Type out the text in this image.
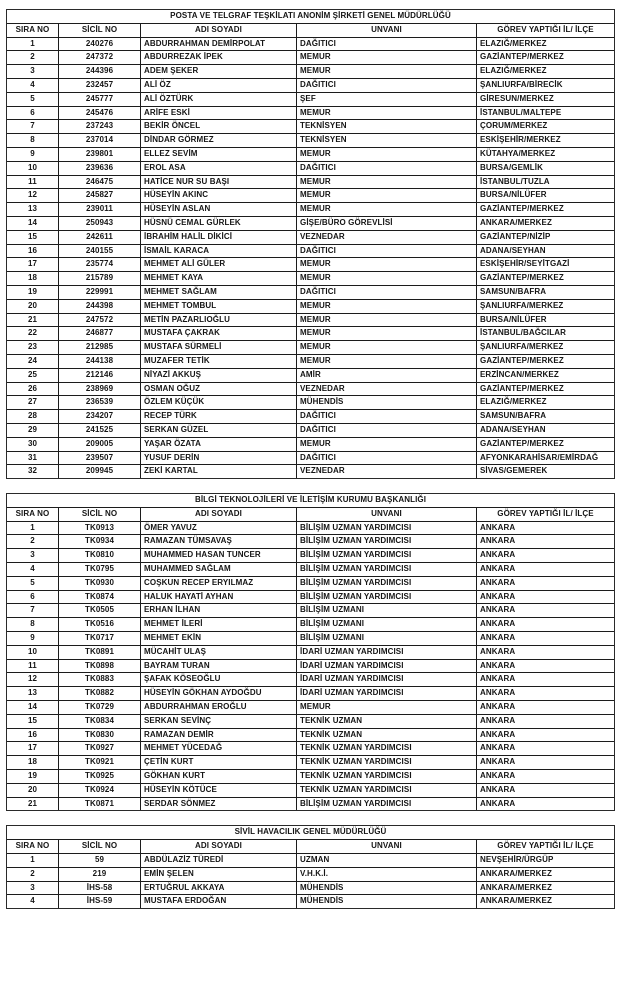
POSTA VE TELGRAF TEŞKİLATI ANONİM ŞİRKETİ GENEL MÜDÜRLÜĞÜ				
SIRA NO	SİCİL NO	ADI SOYADI	UNVANI	GÖREV YAPTIĞI İL/ İLÇE
1	240276	ABDURRAHMAN DEMİRPOLAT	DAĞITICI	ELAZIĞ/MERKEZ
2	247372	ABDURREZAK İPEK	MEMUR	GAZİANTEP/MERKEZ
3	244396	ADEM ŞEKER	MEMUR	ELAZIĞ/MERKEZ
4	232457	ALİ ÖZ	DAĞITICI	ŞANLIURFA/BİRECİK
5	245777	ALİ ÖZTÜRK	ŞEF	GİRESUN/MERKEZ
6	245476	ARİFE ESKİ	MEMUR	İSTANBUL/MALTEPE
7	237243	BEKİR ÖNCEL	TEKNİSYEN	ÇORUM/MERKEZ
8	237014	DİNDAR GÖRMEZ	TEKNİSYEN	ESKİŞEHİR/MERKEZ
9	239801	ELLEZ SEVİM	MEMUR	KÜTAHYA/MERKEZ
10	239636	EROL ASA	DAĞITICI	BURSA/GEMLİK
11	246475	HATİCE NUR SU BAŞI	MEMUR	İSTANBUL/TUZLA
12	245827	HÜSEYİN AKINC	MEMUR	BURSA/NİLÜFER
13	239011	HÜSEYİN ASLAN	MEMUR	GAZİANTEP/MERKEZ
14	250943	HÜSNÜ CEMAL GÜRLEK	GİŞE/BÜRO GÖREVLİSİ	ANKARA/MERKEZ
15	242611	İBRAHİM HALİL DİKİCİ	VEZNEDAR	GAZİANTEP/NİZİP
16	240155	İSMAİL KARACA	DAĞITICI	ADANA/SEYHAN
17	235774	MEHMET ALİ GÜLER	MEMUR	ESKİŞEHİR/SEYİTGAZİ
18	215789	MEHMET KAYA	MEMUR	GAZİANTEP/MERKEZ
19	229991	MEHMET SAĞLAM	DAĞITICI	SAMSUN/BAFRA
20	244398	MEHMET TOMBUL	MEMUR	ŞANLIURFA/MERKEZ
21	247572	METİN PAZARLIOĞLU	MEMUR	BURSA/NİLÜFER
22	246877	MUSTAFA ÇAKRAK	MEMUR	İSTANBUL/BAĞCILAR
23	212985	MUSTAFA SÜRMELİ	MEMUR	ŞANLIURFA/MERKEZ
24	244138	MUZAFER TETİK	MEMUR	GAZİANTEP/MERKEZ
25	212146	NİYAZİ AKKUŞ	AMİR	ERZİNCAN/MERKEZ
26	238969	OSMAN OĞUZ	VEZNEDAR	GAZİANTEP/MERKEZ
27	236539	ÖZLEM KÜÇÜK	MÜHENDİS	ELAZIĞ/MERKEZ
28	234207	RECEP TÜRK	DAĞITICI	SAMSUN/BAFRA
29	241525	SERKAN GÜZEL	DAĞITICI	ADANA/SEYHAN
30	209005	YAŞAR ÖZATA	MEMUR	GAZİANTEP/MERKEZ
31	239507	YUSUF DERİN	DAĞITICI	AFYONKARAHİSAR/EMİRDAĞ
32	209945	ZEKİ KARTAL	VEZNEDAR	SİVAS/GEMEREK
BİLGİ TEKNOLOJİLERİ VE İLETİŞİM KURUMU BAŞKANLIĞI				
SIRA NO	SİCİL NO	ADI SOYADI	UNVANI	GÖREV YAPTIĞI İL/ İLÇE
1	TK0913	ÖMER YAVUZ	BİLİŞİM UZMAN YARDIMCISI	ANKARA
2	TK0934	RAMAZAN TÜMSAVAŞ	BİLİŞİM UZMAN YARDIMCISI	ANKARA
3	TK0810	MUHAMMED HASAN TUNCER	BİLİŞİM UZMAN YARDIMCISI	ANKARA
4	TK0795	MUHAMMED SAĞLAM	BİLİŞİM UZMAN YARDIMCISI	ANKARA
5	TK0930	COŞKUN RECEP ERYILMAZ	BİLİŞİM UZMAN YARDIMCISI	ANKARA
6	TK0874	HALUK HAYATİ AYHAN	BİLİŞİM UZMAN YARDIMCISI	ANKARA
7	TK0505	ERHAN İLHAN	BİLİŞİM UZMANI	ANKARA
8	TK0516	MEHMET İLERİ	BİLİŞİM UZMANI	ANKARA
9	TK0717	MEHMET EKİN	BİLİŞİM UZMANI	ANKARA
10	TK0891	MÜCAHİT ULAŞ	İDARİ UZMAN YARDIMCISI	ANKARA
11	TK0898	BAYRAM TURAN	İDARİ UZMAN YARDIMCISI	ANKARA
12	TK0883	ŞAFAK KÖSEOĞLU	İDARİ UZMAN YARDIMCISI	ANKARA
13	TK0882	HÜSEYİN GÖKHAN AYDOĞDU	İDARİ UZMAN YARDIMCISI	ANKARA
14	TK0729	ABDURRAHMAN EROĞLU	MEMUR	ANKARA
15	TK0834	SERKAN SEVİNÇ	TEKNİK UZMAN	ANKARA
16	TK0830	RAMAZAN DEMİR	TEKNİK UZMAN	ANKARA
17	TK0927	MEHMET YÜCEDAĞ	TEKNİK UZMAN YARDIMCISI	ANKARA
18	TK0921	ÇETİN KURT	TEKNİK UZMAN YARDIMCISI	ANKARA
19	TK0925	GÖKHAN KURT	TEKNİK UZMAN YARDIMCISI	ANKARA
20	TK0924	HÜSEYİN KÖTÜCE	TEKNİK UZMAN YARDIMCISI	ANKARA
21	TK0871	SERDAR SÖNMEZ	BİLİŞİM UZMAN YARDIMCISI	ANKARA
SİVİL HAVACILIK GENEL MÜDÜRLÜĞÜ				
SIRA NO	SİCİL NO	ADI SOYADI	UNVANI	GÖREV YAPTIĞI İL/ İLÇE
1	59	ABDÜLAZİZ TÜREDİ	UZMAN	NEVŞEHİR/ÜRGÜP
2	219	EMİN ŞELEN	V.H.K.İ.	ANKARA/MERKEZ
3	İHS-58	ERTUĞRUL AKKAYA	MÜHENDİS	ANKARA/MERKEZ
4	İHS-59	MUSTAFA ERDOĞAN	MÜHENDİS	ANKARA/MERKEZ
